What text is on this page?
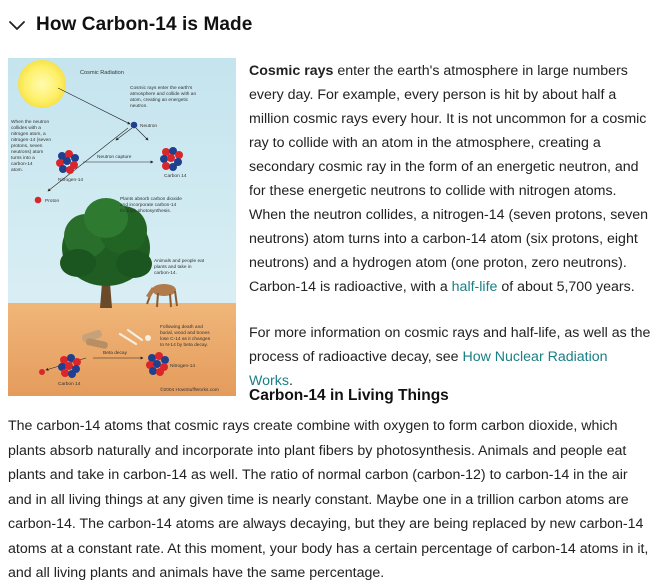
How Carbon-14 is Made
Cosmic Radiation
Cosmic rays enter the earth's
atmosphere and collide with an
atom, creating an energetic
neutron.
Neutron
When the neutron
collides with a
nitrogen atom, a
nitrogen-14 (seven
protons, seven
neutrons) atom
turns into a
carbon-14
atom.
Neutron capture
Nitrogen-14
Carbon 14
Proton	Plants absorb carbon dioxide
and incorporate carbon-14
through photosynthesis.
Animals and people eat
plants and take in
carbon-14.
Following death and
burial, wood and bones
lose C-14 as it changes
to N-14 by beta decay.
Beta decay
Nitrogen-14
Carbon 14
©2004 HowStuffWorks.com

Cosmic rays enter the earth's atmosphere in large numbers every day. For example, every person is hit by about half a million cosmic rays every hour. It is not uncommon for a cosmic ray to collide with an atom in the atmosphere, creating a secondary cosmic ray in the form of an energetic neutron, and for these energetic neutrons to collide with nitrogen atoms. When the neutron collides, a nitrogen-14 (seven protons, seven neutrons) atom turns into a carbon-14 atom (six protons, eight neutrons) and a hydrogen atom (one proton, zero neutrons). Carbon-14 is radioactive, with a half-life of about 5,700 years.

For more information on cosmic rays and half-life, as well as the process of radioactive decay, see How Nuclear Radiation Works.

Carbon-14 in Living Things

The carbon-14 atoms that cosmic rays create combine with oxygen to form carbon dioxide, which plants absorb naturally and incorporate into plant fibers by photosynthesis. Animals and people eat plants and take in carbon-14 as well. The ratio of normal carbon (carbon-12) to carbon-14 in the air and in all living things at any given time is nearly constant. Maybe one in a trillion carbon atoms are carbon-14. The carbon-14 atoms are always decaying, but they are being replaced by new carbon-14 atoms at a constant rate. At this moment, your body has a certain percentage of carbon-14 atoms in it, and all living plants and animals have the same percentage.
